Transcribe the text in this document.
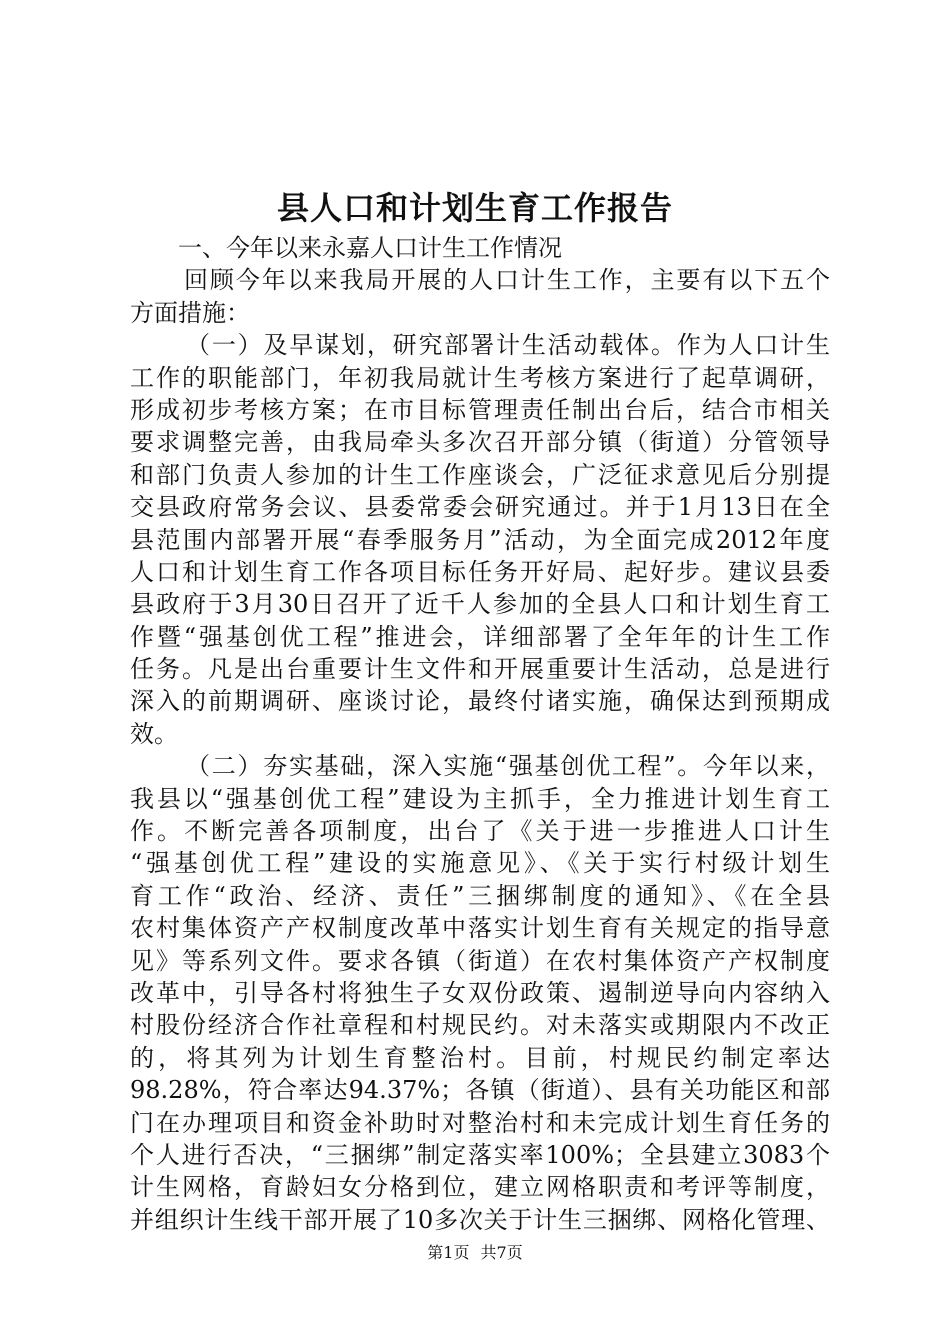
县人口和计划生育工作报告
一、今年以来永嘉人口计生工作情况
回顾今年以来我局开展的人口计生工作，主要有以下五个
方面措施：
（一）及早谋划，研究部署计生活动载体。作为人口计生
工作的职能部门，年初我局就计生考核方案进行了起草调研，
形成初步考核方案；在市目标管理责任制出台后，结合市相关
要求调整完善，由我局牵头多次召开部分镇（街道）分管领导
和部门负责人参加的计生工作座谈会，广泛征求意见后分别提
交县政府常务会议、县委常委会研究通过。并于1月13日在全
县范围内部署开展“春季服务月”活动，为全面完成2012年度
人口和计划生育工作各项目标任务开好局、起好步。建议县委
县政府于3月30日召开了近千人参加的全县人口和计划生育工
作暨“强基创优工程”推进会，详细部署了全年年的计生工作
任务。凡是出台重要计生文件和开展重要计生活动，总是进行
深入的前期调研、座谈讨论，最终付诸实施，确保达到预期成
效。
（二）夯实基础，深入实施“强基创优工程”。今年以来，
我县以“强基创优工程”建设为主抓手，全力推进计划生育工
作。不断完善各项制度，出台了《关于进一步推进人口计生
“强基创优工程”建设的实施意见》、《关于实行村级计划生
育工作“政治、经济、责任”三捆绑制度的通知》、《在全县
农村集体资产产权制度改革中落实计划生育有关规定的指导意
见》等系列文件。要求各镇（街道）在农村集体资产产权制度
改革中，引导各村将独生子女双份政策、遏制逆导向内容纳入
村股份经济合作社章程和村规民约。对未落实或期限内不改正
的，将其列为计划生育整治村。目前，村规民约制定率达
98.28%，符合率达94.37%；各镇（街道）、县有关功能区和部
门在办理项目和资金补助时对整治村和未完成计划生育任务的
个人进行否决，“三捆绑”制定落实率100%；全县建立3083个
计生网格，育龄妇女分格到位，建立网格职责和考评等制度，
并组织计生线干部开展了10多次关于计生三捆绑、网格化管理、
第1页 共7页
